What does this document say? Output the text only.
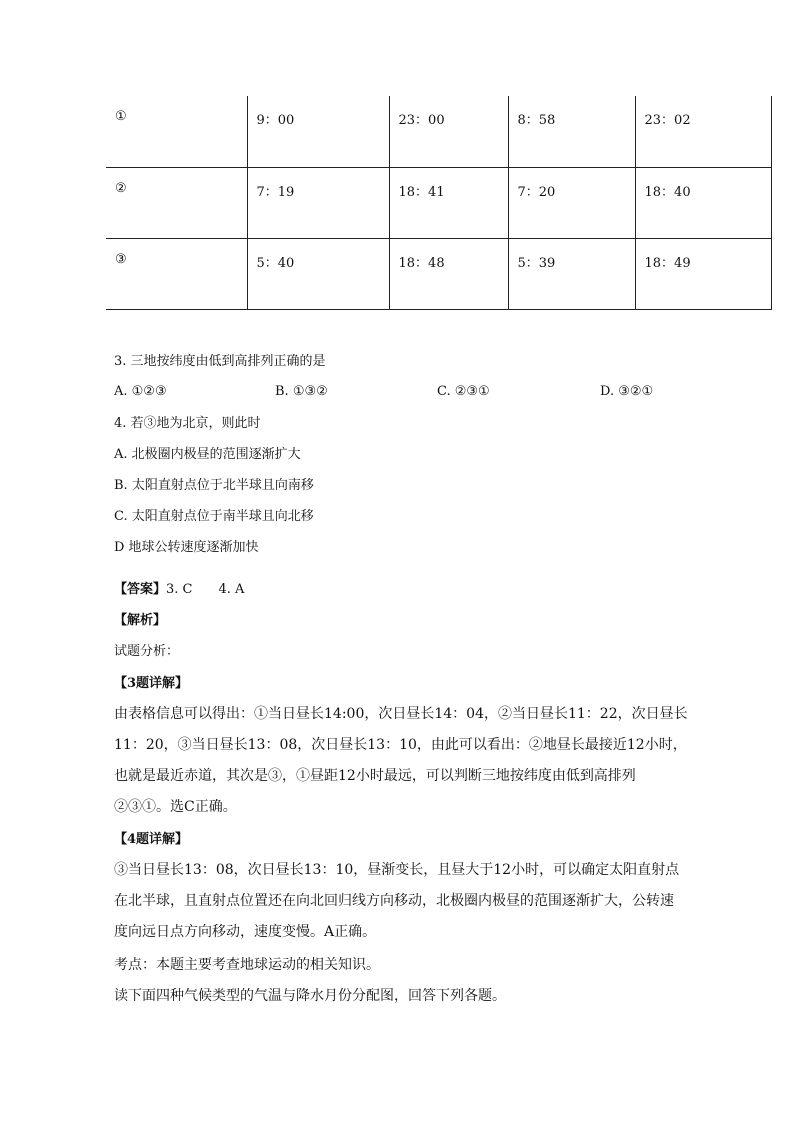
①	9：00	23：00	8：58	23：02
②	7：19	18：41	7：20	18：40
③	5：40	18：48	5：39	18：49
3. 三地按纬度由低到高排列正确的是
A. ①②③	B. ①③②	C. ②③①	D. ③②①
4. 若③地为北京，则此时
A. 北极圈内极昼的范围逐渐扩大
B. 太阳直射点位于北半球且向南移
C. 太阳直射点位于南半球且向北移
D 地球公转速度逐渐加快
【答案】3. C 4. A
【解析】
试题分析：
【3题详解】
由表格信息可以得出：①当日昼长14:00，次日昼长14：04，②当日昼长11：22，次日昼长
11：20，③当日昼长13：08，次日昼长13：10，由此可以看出：②地昼长最接近12小时，
也就是最近赤道，其次是③，①昼距12小时最远，可以判断三地按纬度由低到高排列
②③①。选C正确。
【4题详解】
③当日昼长13：08，次日昼长13：10，昼渐变长，且昼大于12小时，可以确定太阳直射点
在北半球，且直射点位置还在向北回归线方向移动，北极圈内极昼的范围逐渐扩大，公转速
度向远日点方向移动，速度变慢。A正确。
考点：本题主要考查地球运动的相关知识。
读下面四种气候类型的气温与降水月份分配图，回答下列各题。
